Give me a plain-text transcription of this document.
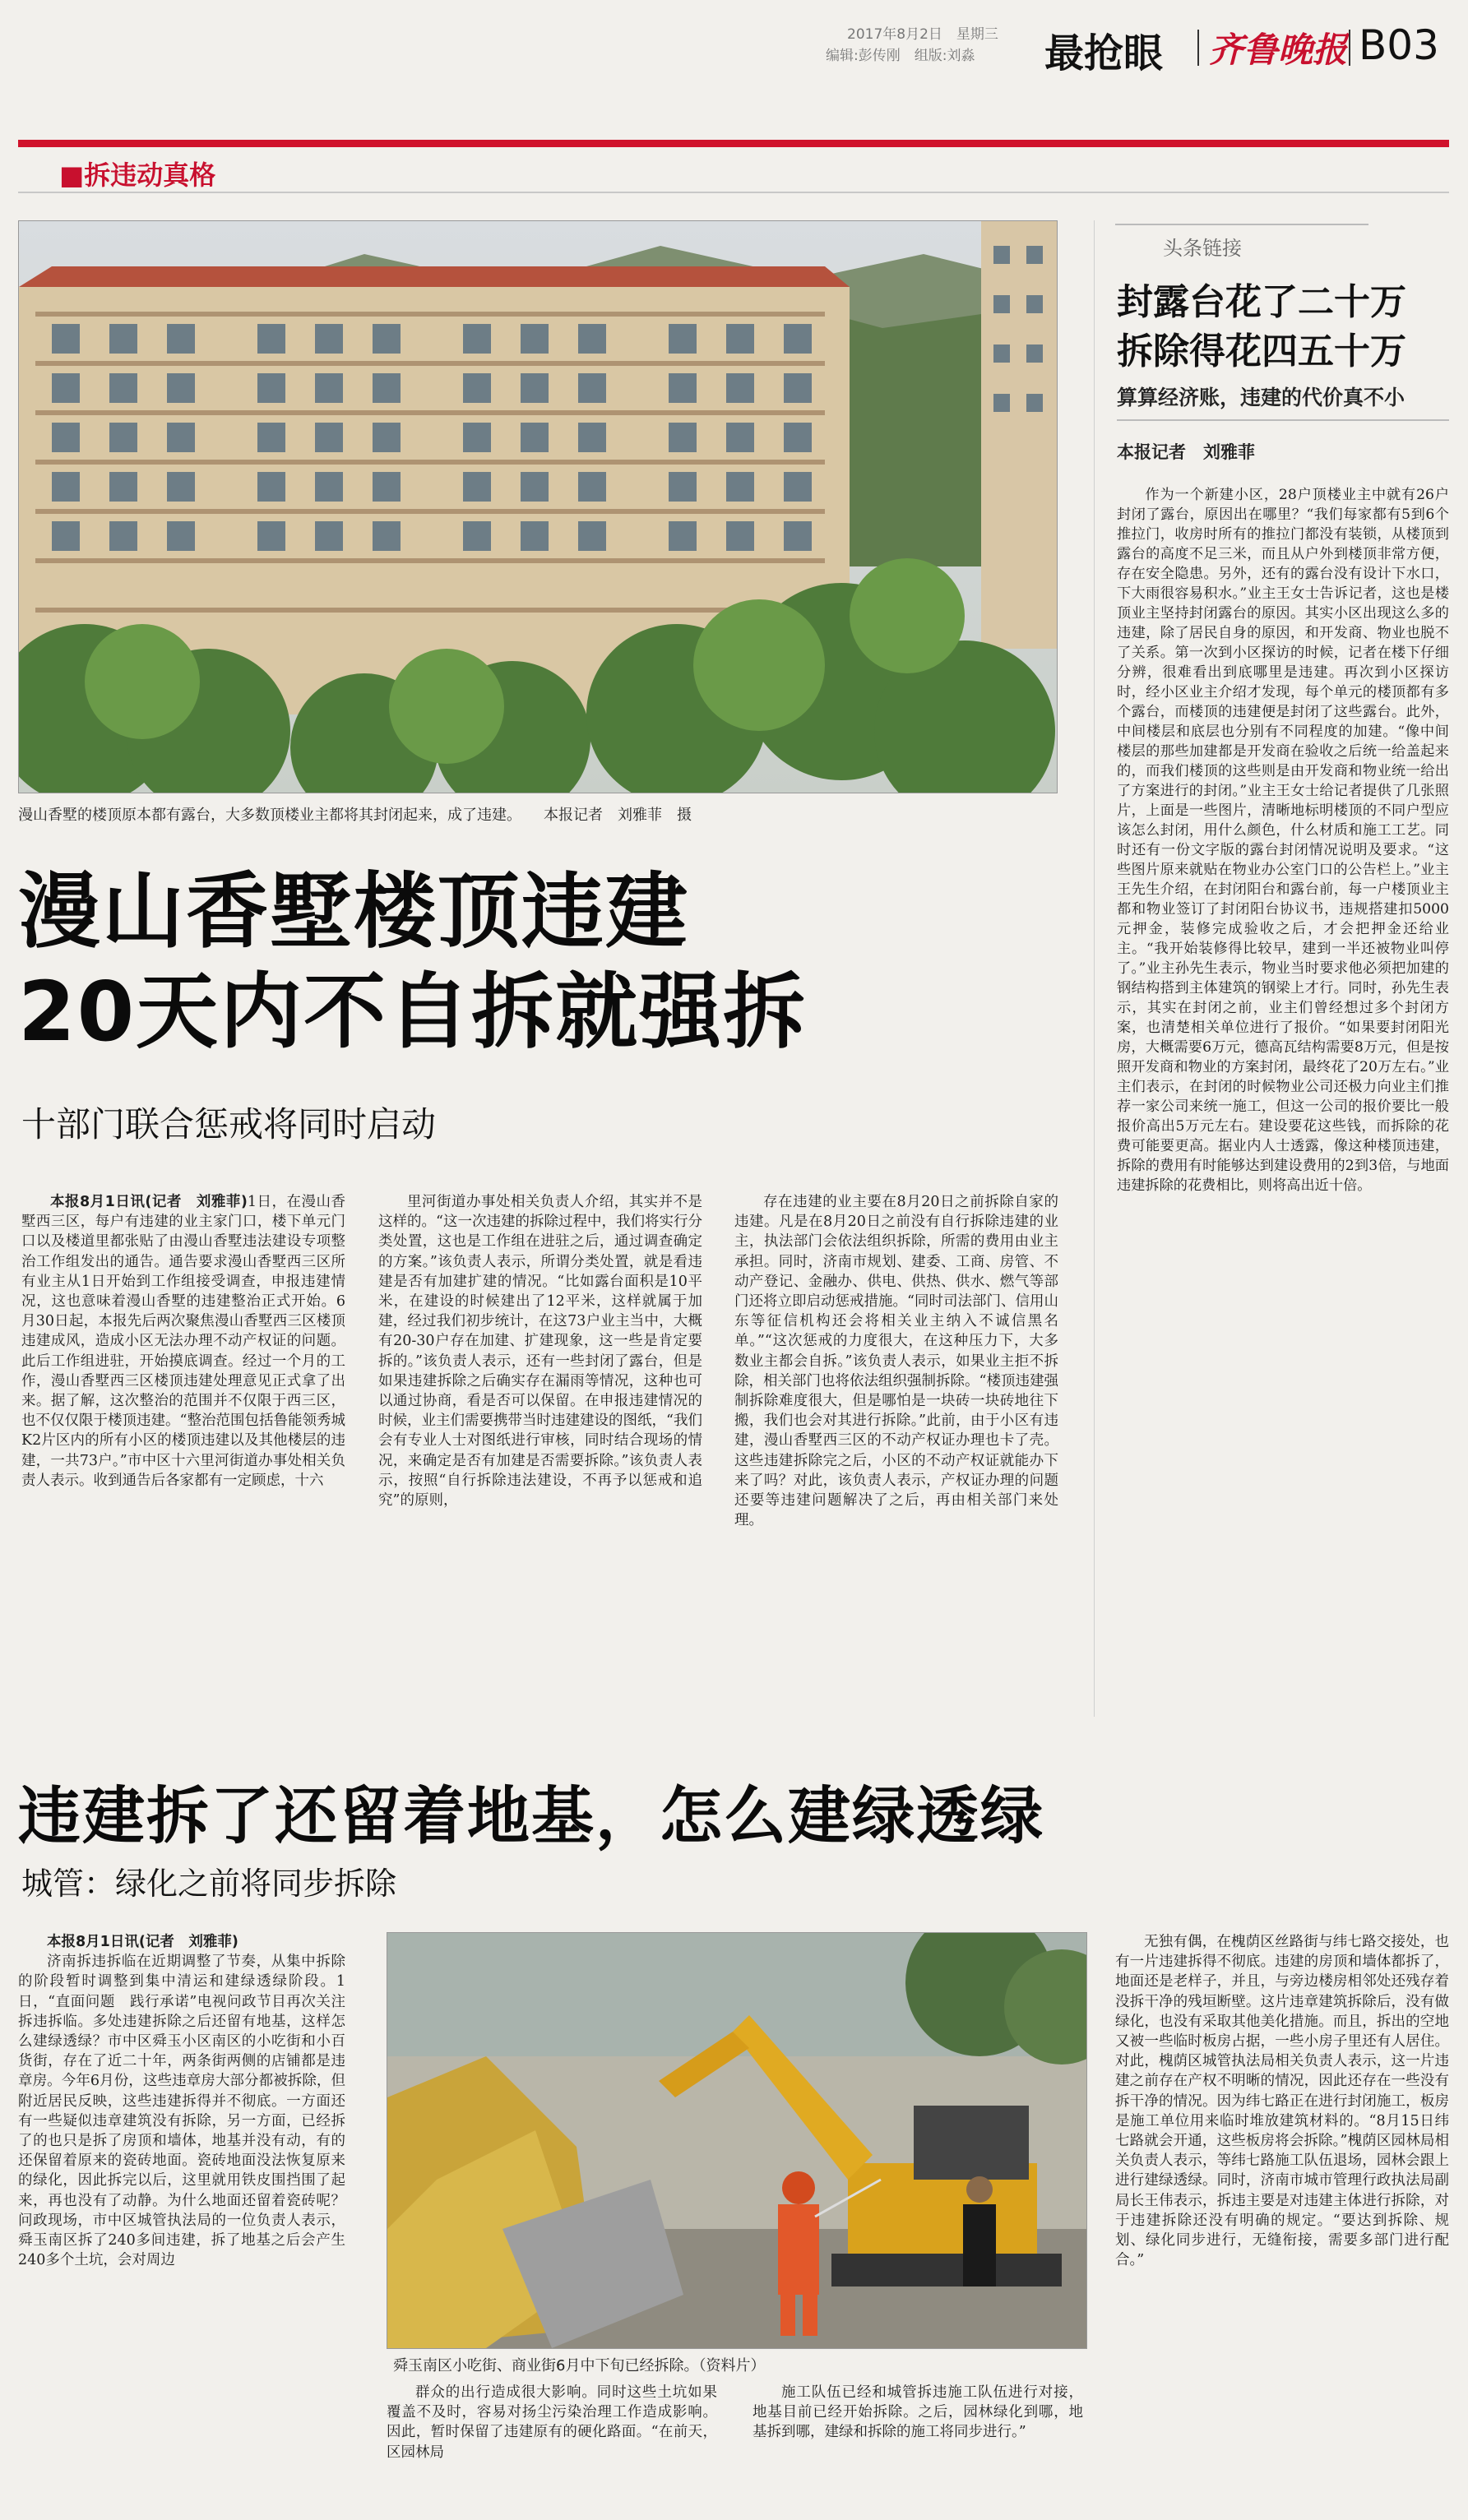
2017年8月2日　星期三
编辑:彭传刚　组版:刘淼 最抢眼 齐鲁晚报 B03
■拆违动真格
漫山香墅的楼顶原本都有露台，大多数顶楼业主都将其封闭起来，成了违建。　　本报记者　刘雅菲　摄
漫山香墅楼顶违建
20天内不自拆就强拆
十部门联合惩戒将同时启动

本报8月1日讯(记者　刘雅菲)1日，在漫山香墅西三区，每户有违建的业主家门口，楼下单元门口以及楼道里都张贴了由漫山香墅违法建设专项整治工作组发出的通告。通告要求漫山香墅西三区所有业主从1日开始到工作组接受调查，申报违建情况，这也意味着漫山香墅的违建整治正式开始。6月30日起，本报先后两次聚焦漫山香墅西三区楼顶违建成风，造成小区无法办理不动产权证的问题。此后工作组进驻，开始摸底调查。经过一个月的工作，漫山香墅西三区楼顶违建处理意见正式拿了出来。据了解，这次整治的范围并不仅限于西三区，也不仅仅限于楼顶违建。“整治范围包括鲁能领秀城K2片区内的所有小区的楼顶违建以及其他楼层的违建，一共73户。”市中区十六里河街道办事处相关负责人表示。收到通告后各家都有一定顾虑，十六

里河街道办事处相关负责人介绍，其实并不是这样的。“这一次违建的拆除过程中，我们将实行分类处置，这也是工作组在进驻之后，通过调查确定的方案。”该负责人表示，所谓分类处置，就是看违建是否有加建扩建的情况。“比如露台面积是10平米，在建设的时候建出了12平米，这样就属于加建，经过我们初步统计，在这73户业主当中，大概有20-30户存在加建、扩建现象，这一些是肯定要拆的。”该负责人表示，还有一些封闭了露台，但是如果违建拆除之后确实存在漏雨等情况，这种也可以通过协商，看是否可以保留。在申报违建情况的时候，业主们需要携带当时违建建设的图纸，“我们会有专业人士对图纸进行审核，同时结合现场的情况，来确定是否有加建是否需要拆除。”该负责人表示，按照“自行拆除违法建设，不再予以惩戒和追究”的原则，

存在违建的业主要在8月20日之前拆除自家的违建。凡是在8月20日之前没有自行拆除违建的业主，执法部门会依法组织拆除，所需的费用由业主承担。同时，济南市规划、建委、工商、房管、不动产登记、金融办、供电、供热、供水、燃气等部门还将立即启动惩戒措施。“同时司法部门、信用山东等征信机构还会将相关业主纳入不诚信黑名单。”“这次惩戒的力度很大，在这种压力下，大多数业主都会自拆。”该负责人表示，如果业主拒不拆除，相关部门也将依法组织强制拆除。“楼顶违建强制拆除难度很大，但是哪怕是一块砖一块砖地往下搬，我们也会对其进行拆除。”此前，由于小区有违建，漫山香墅西三区的不动产权证办理也卡了壳。这些违建拆除完之后，小区的不动产权证就能办下来了吗？对此，该负责人表示，产权证办理的问题还要等违建问题解决了之后，再由相关部门来处理。

头条链接
封露台花了二十万
拆除得花四五十万
算算经济账，违建的代价真不小
本报记者　刘雅菲

作为一个新建小区，28户顶楼业主中就有26户封闭了露台，原因出在哪里？“我们每家都有5到6个推拉门，收房时所有的推拉门都没有装锁，从楼顶到露台的高度不足三米，而且从户外到楼顶非常方便，存在安全隐患。另外，还有的露台没有设计下水口，下大雨很容易积水。”业主王女士告诉记者，这也是楼顶业主坚持封闭露台的原因。其实小区出现这么多的违建，除了居民自身的原因，和开发商、物业也脱不了关系。第一次到小区探访的时候，记者在楼下仔细分辨，很难看出到底哪里是违建。再次到小区探访时，经小区业主介绍才发现，每个单元的楼顶都有多个露台，而楼顶的违建便是封闭了这些露台。此外，中间楼层和底层也分别有不同程度的加建。“像中间楼层的那些加建都是开发商在验收之后统一给盖起来的，而我们楼顶的这些则是由开发商和物业统一给出了方案进行的封闭。”业主王女士给记者提供了几张照片，上面是一些图片，清晰地标明楼顶的不同户型应该怎么封闭，用什么颜色，什么材质和施工工艺。同时还有一份文字版的露台封闭情况说明及要求。“这些图片原来就贴在物业办公室门口的公告栏上。”业主王先生介绍，在封闭阳台和露台前，每一户楼顶业主都和物业签订了封闭阳台协议书，违规搭建扣5000元押金，装修完成验收之后，才会把押金还给业主。“我开始装修得比较早，建到一半还被物业叫停了。”业主孙先生表示，物业当时要求他必须把加建的钢结构搭到主体建筑的钢梁上才行。同时，孙先生表示，其实在封闭之前，业主们曾经想过多个封闭方案，也清楚相关单位进行了报价。“如果要封闭阳光房，大概需要6万元，德高瓦结构需要8万元，但是按照开发商和物业的方案封闭，最终花了20万左右。”业主们表示，在封闭的时候物业公司还极力向业主们推荐一家公司来统一施工，但这一公司的报价要比一般报价高出5万元左右。建设要花这些钱，而拆除的花费可能要更高。据业内人士透露，像这种楼顶违建，拆除的费用有时能够达到建设费用的2到3倍，与地面违建拆除的花费相比，则将高出近十倍。

违建拆了还留着地基，怎么建绿透绿
城管：绿化之前将同步拆除

本报8月1日讯(记者　刘雅菲)

济南拆违拆临在近期调整了节奏，从集中拆除的阶段暂时调整到集中清运和建绿透绿阶段。1日，“直面问题　践行承诺”电视问政节目再次关注拆违拆临。多处违建拆除之后还留有地基，这样怎么建绿透绿？市中区舜玉小区南区的小吃街和小百货街，存在了近二十年，两条街两侧的店铺都是违章房。今年6月份，这些违章房大部分都被拆除，但附近居民反映，这些违建拆得并不彻底。一方面还有一些疑似违章建筑没有拆除，另一方面，已经拆了的也只是拆了房顶和墙体，地基并没有动，有的还保留着原来的瓷砖地面。瓷砖地面没法恢复原来的绿化，因此拆完以后，这里就用铁皮围挡围了起来，再也没有了动静。为什么地面还留着瓷砖呢？问政现场，市中区城管执法局的一位负责人表示，舜玉南区拆了240多间违建，拆了地基之后会产生240多个土坑，会对周边

舜玉南区小吃街、商业街6月中下旬已经拆除。（资料片）

群众的出行造成很大影响。同时这些土坑如果覆盖不及时，容易对扬尘污染治理工作造成影响。因此，暂时保留了违建原有的硬化路面。“在前天，区园林局

施工队伍已经和城管拆违施工队伍进行对接，地基目前已经开始拆除。之后，园林绿化到哪，地基拆到哪，建绿和拆除的施工将同步进行。”

无独有偶，在槐荫区丝路街与纬七路交接处，也有一片违建拆得不彻底。违建的房顶和墙体都拆了，地面还是老样子，并且，与旁边楼房相邻处还残存着没拆干净的残垣断壁。这片违章建筑拆除后，没有做绿化，也没有采取其他美化措施。而且，拆出的空地又被一些临时板房占据，一些小房子里还有人居住。对此，槐荫区城管执法局相关负责人表示，这一片违建之前存在产权不明晰的情况，因此还存在一些没有拆干净的情况。因为纬七路正在进行封闭施工，板房是施工单位用来临时堆放建筑材料的。“8月15日纬七路就会开通，这些板房将会拆除。”槐荫区园林局相关负责人表示，等纬七路施工队伍退场，园林会跟上进行建绿透绿。同时，济南市城市管理行政执法局副局长王伟表示，拆违主要是对违建主体进行拆除，对于违建拆除还没有明确的规定。“要达到拆除、规划、绿化同步进行，无缝衔接，需要多部门进行配合。”
